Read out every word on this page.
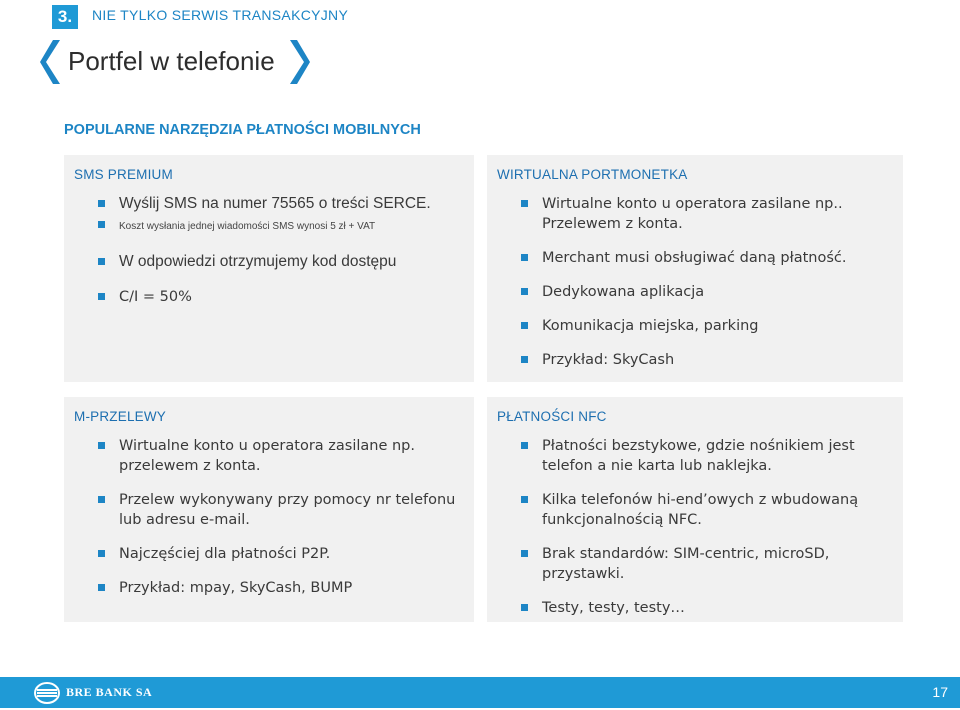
3.	NIE TYLKO SERWIS TRANSAKCYJNY
Portfel w telefonie
POPULARNE NARZĘDZIA PŁATNOŚCI MOBILNYCH
SMS PREMIUM
Wyślij SMS na numer 75565 o treści SERCE.
Koszt wysłania jednej wiadomości SMS wynosi 5 zł + VAT
W odpowiedzi otrzymujemy kod dostępu
C/I = 50%
WIRTUALNA PORTMONETKA
Wirtualne konto u operatora zasilane np.. Przelewem z konta.
Merchant musi obsługiwać daną płatność.
Dedykowana aplikacja
Komunikacja miejska, parking
Przykład: SkyCash
M-PRZELEWY
Wirtualne konto u operatora zasilane np. przelewem z konta.
Przelew wykonywany przy pomocy nr telefonu lub adresu e-mail.
Najczęściej dla płatności P2P.
Przykład: mpay, SkyCash, BUMP
PŁATNOŚCI NFC
Płatności bezstykowe, gdzie nośnikiem jest telefon a nie karta lub naklejka.
Kilka telefonów hi-end’owych z wbudowaną funkcjonalnością NFC.
Brak standardów: SIM-centric, microSD, przystawki.
Testy, testy, testy…
BRE BANK SA	17
